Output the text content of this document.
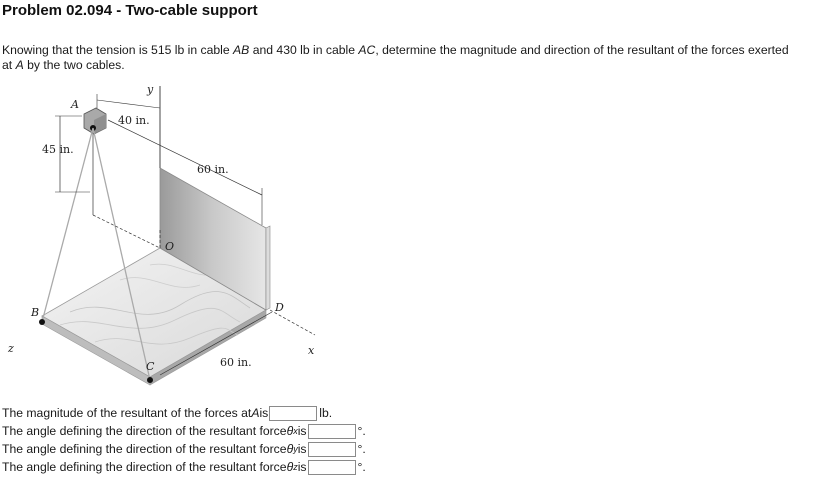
Problem 02.094 - Two-cable support
Knowing that the tension is 515 lb in cable AB and 430 lb in cable AC, determine the magnitude and direction of the resultant of the forces exerted at A by the two cables.
A
y
40 in.
45 in.
60 in.
O
B	D
C	60 in.
x
z
The magnitude of the resultant of the forces at A is	lb.
The angle defining the direction of the resultant force θ x is	°.
The angle defining the direction of the resultant force θ y is	°.
The angle defining the direction of the resultant force θ z is	°.
